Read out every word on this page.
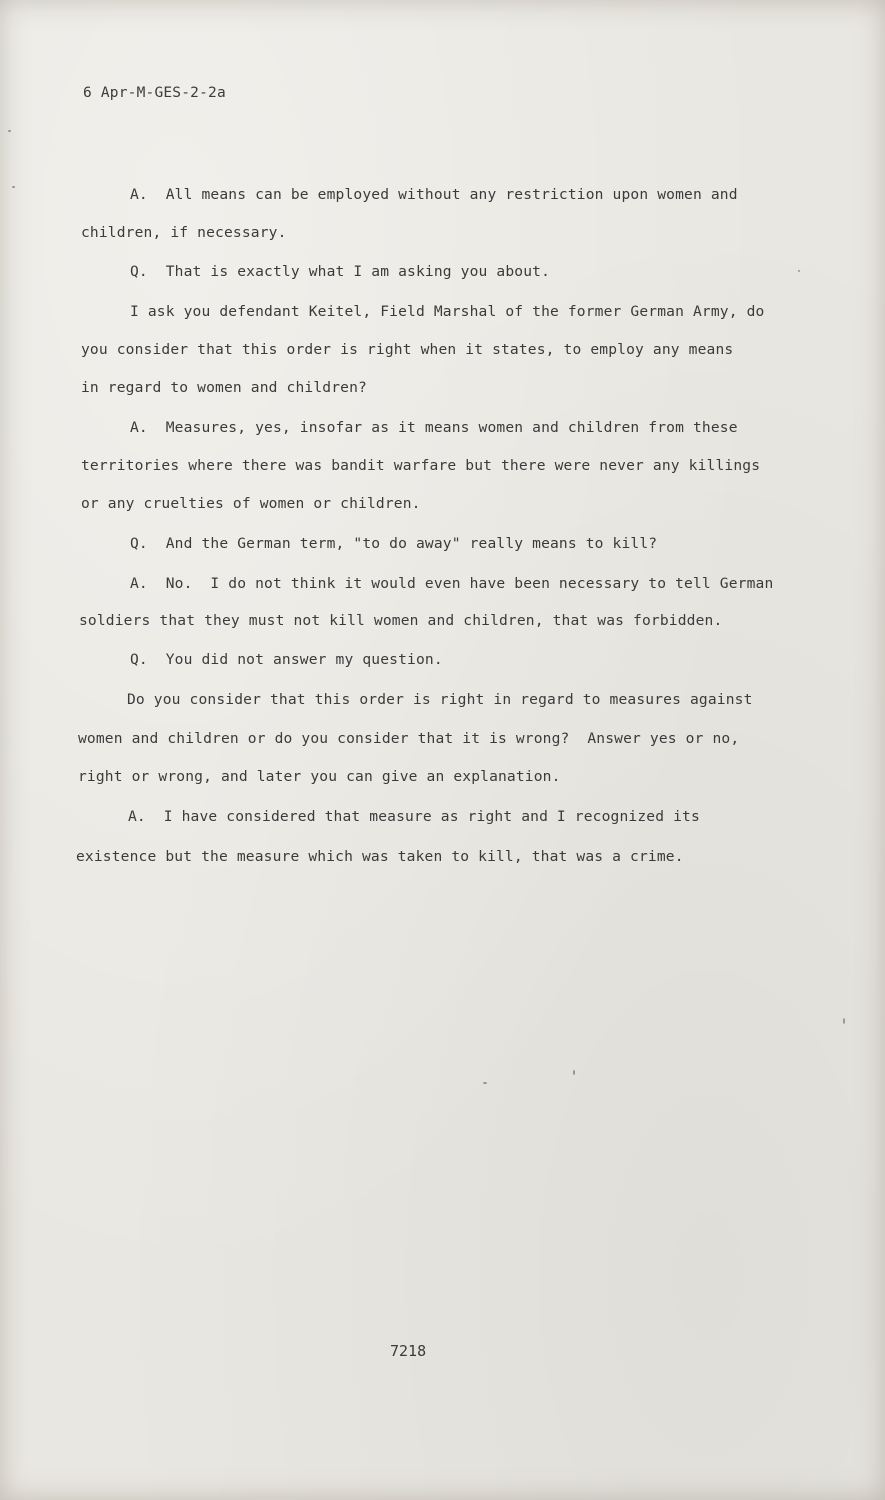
6 Apr-M-GES-2-2a
A.  All means can be employed without any restriction upon women and
children, if necessary.
Q.  That is exactly what I am asking you about.
I ask you defendant Keitel, Field Marshal of the former German Army, do
you consider that this order is right when it states, to employ any means
in regard to women and children?
A.  Measures, yes, insofar as it means women and children from these
territories where there was bandit warfare but there were never any killings
or any cruelties of women or children.
Q.  And the German term, "to do away" really means to kill?
A.  No.  I do not think it would even have been necessary to tell German
soldiers that they must not kill women and children, that was forbidden.
Q.  You did not answer my question.
Do you consider that this order is right in regard to measures against
women and children or do you consider that it is wrong?  Answer yes or no,
right or wrong, and later you can give an explanation.
A.  I have considered that measure as right and I recognized its
existence but the measure which was taken to kill, that was a crime.
7218
